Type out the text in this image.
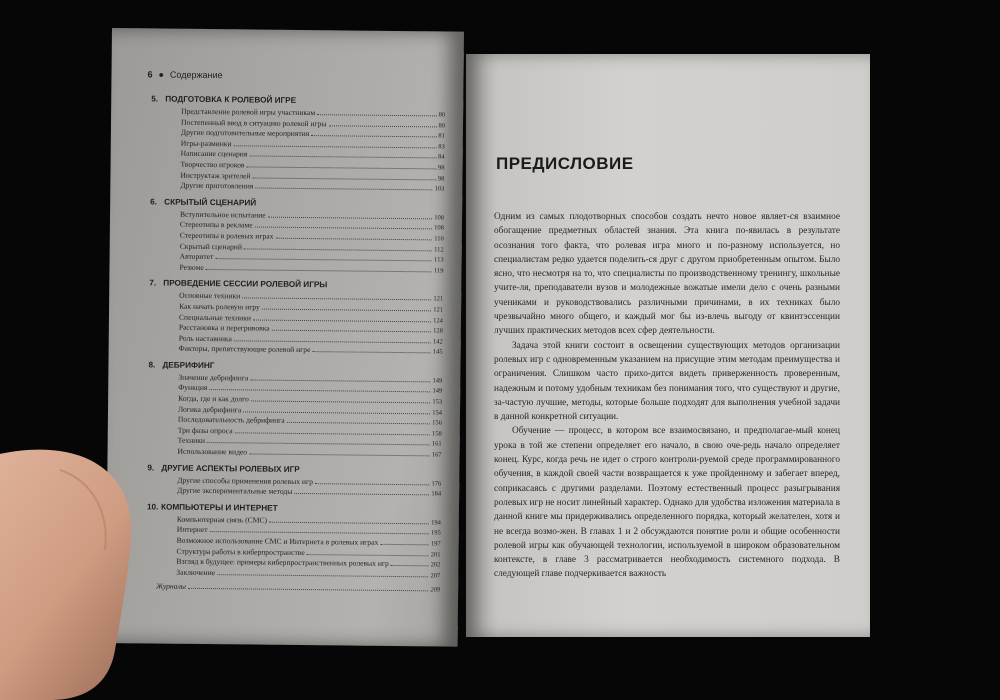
6 ● Содержание
5. ПОДГОТОВКА К РОЛЕВОЙ ИГРЕ
Представление ролевой игры участникам	80
Постепенный ввод в ситуацию ролевой игры	80
Другие подготовительные мероприятия	81
Игры-разминки	83
Написание сценария	84
Творчество игроков	98
Инструктаж зрителей	98
Другие приготовления	103
6. СКРЫТЫЙ СЦЕНАРИЙ
Вступительное испытание	108
Стереотипы в рекламе	108
Стереотипы в ролевых играх	110
Скрытый сценарий	112
Авторитет	113
Резюме	119
7. ПРОВЕДЕНИЕ СЕССИИ РОЛЕВОЙ ИГРЫ
Основные техники	121
Как начать ролевую игру	121
Специальные техники	124
Расстановка и перегривовка	128
Роль наставника	142
Факторы, препятствующие ролевой игре	145
8. ДЕБРИФИНГ
Значение дебрифинга	149
Функция	149
Когда, где и как долго	153
Логика дебрифинга	154
Последовательность дебрифинга	156
Три фазы опроса	158
Техники	161
Использование видео	167
9. ДРУГИЕ АСПЕКТЫ РОЛЕВЫХ ИГР
Другие способы применения ролевых игр	176
Другие экспериментальные методы	184
10. КОМПЬЮТЕРЫ И ИНТЕРНЕТ
Компьютерная связь (СМС)	194
Интернет	195
Возможное использование СМС и Интернета в ролевых играх	197
Структура работы в киберпространстве	201
Взгляд в будущее: примеры киберпространственных ролевых игр	202
Заключение	207
Журналы	209
ПРЕДИСЛОВИЕ

Одним из самых плодотворных способов создать нечто новое являет-ся взаимное обогащение предметных областей знания. Эта книга по-явилась в результате осознания того факта, что ролевая игра много и по-разному используется, но специалистам редко удается поделить-ся друг с другом приобретенным опытом. Было ясно, что несмотря на то, что специалисты по производственному тренингу, школьные учите-ля, преподаватели вузов и молодежные вожатые имели дело с очень разными учениками и руководствовались различными причинами, в их техниках было чрезвычайно много общего, и каждый мог бы из-влечь выгоду от квинтэссенции лучших практических методов всех сфер деятельности.

Задача этой книги состоит в освещении существующих методов организации ролевых игр с одновременным указанием на присущие этим методам преимущества и ограничения. Слишком часто прихо-дится видеть приверженность проверенным, надежным и потому удобным техникам без понимания того, что существуют и другие, за-частую лучшие, методы, которые больше подходят для выполнения учебной задачи в данной конкретной ситуации.

Обучение — процесс, в котором все взаимосвязано, и предполагае-мый конец урока в той же степени определяет его начало, в свою оче-редь начало определяет конец. Курс, когда речь не идет о строго контроли-руемой среде программированного обучения, в каждой своей части возвращается к уже пройденному и забегает вперед, соприкасаясь с другими разделами. Поэтому естественный процесс разыгрывания ролевых игр не носит линейный характер. Однако для удобства изложения материала в данной книге мы придерживались определенного порядка, который желателен, хотя и не всегда возмо-жен. В главах 1 и 2 обсуждаются понятие роли и общие особенности ролевой игры как обучающей технологии, используемой в широком образовательном контексте, в главе 3 рассматривается необходимость системного подхода. В следующей главе подчеркивается важность
